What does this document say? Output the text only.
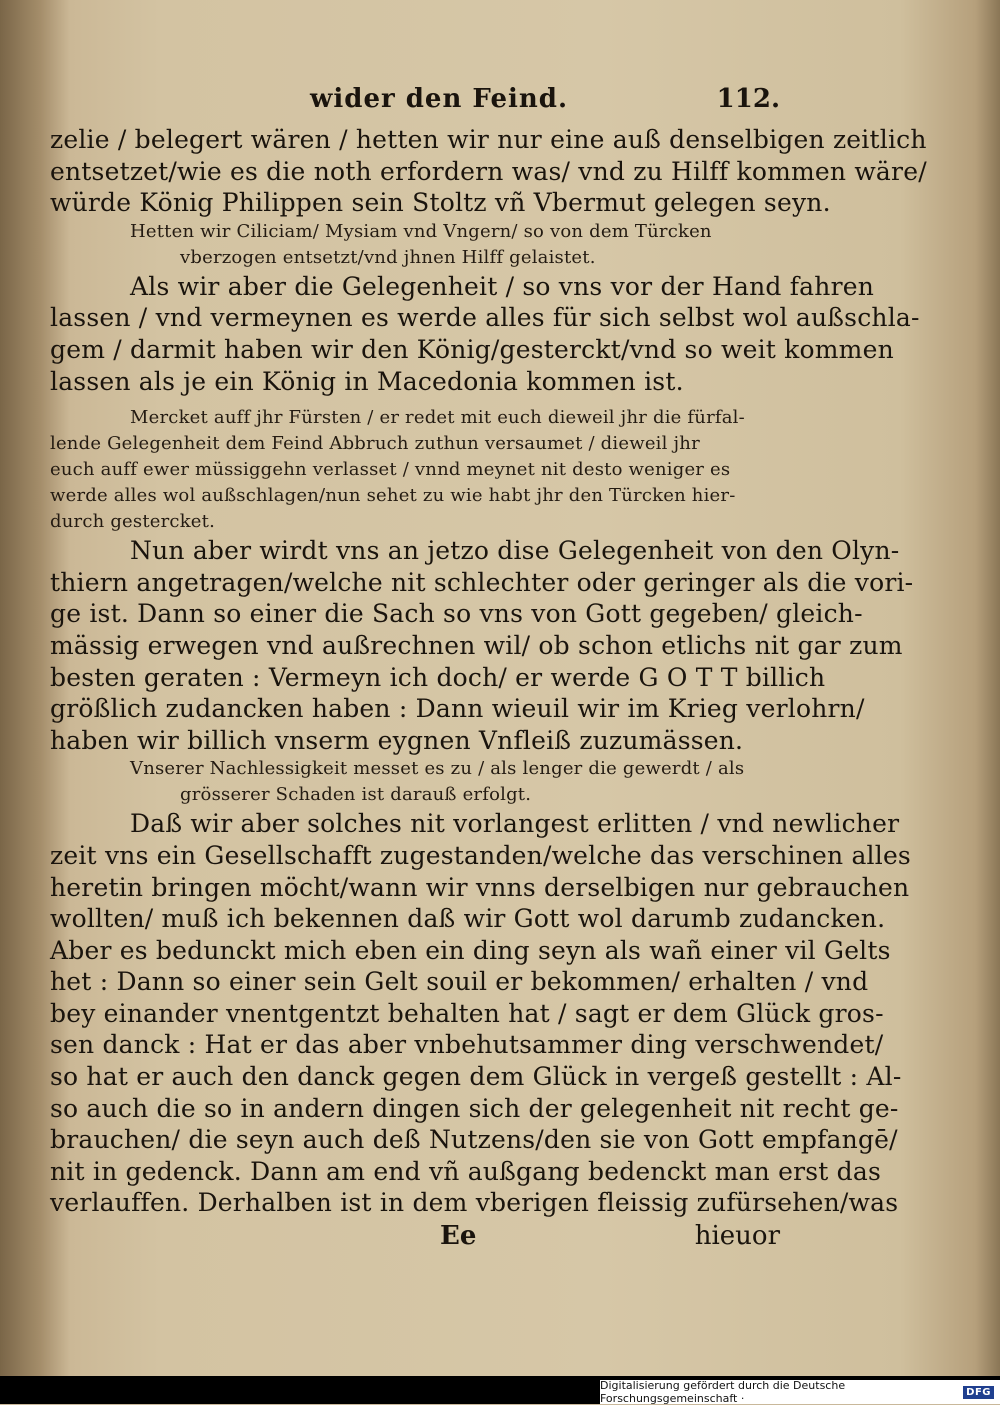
wider den Feind.	112.
zelie / belegert wären / hetten wir nur eine auß denselbigen zeitlich
entsetzet/wie es die noth erfordern was/ vnd zu Hilff kommen wäre/
würde König Philippen sein Stoltz vñ Vbermut gelegen seyn.
Hetten wir Ciliciam/ Mysiam vnd Vngern/ so von dem Türcken
vberzogen entsetzt/vnd jhnen Hilff gelaistet.
Als wir aber die Gelegenheit / so vns vor der Hand fahren
lassen / vnd vermeynen es werde alles für sich selbst wol außschla-
gem / darmit haben wir den König/gesterckt/vnd so weit kommen
lassen als je ein König in Macedonia kommen ist.
Mercket auff jhr Fürsten / er redet mit euch dieweil jhr die fürfal-
lende Gelegenheit dem Feind Abbruch zuthun versaumet / dieweil jhr
euch auff ewer müssiggehn verlasset / vnnd meynet nit desto weniger es
werde alles wol außschlagen/nun sehet zu wie habt jhr den Türcken hier-
durch gestercket.
Nun aber wirdt vns an jetzo dise Gelegenheit von den Olyn-
thiern angetragen/welche nit schlechter oder geringer als die vori-
ge ist. Dann so einer die Sach so vns von Gott gegeben/ gleich-
mässig erwegen vnd außrechnen wil/ ob schon etlichs nit gar zum
besten geraten : Vermeyn ich doch/ er werde G O T T billich
größlich zudancken haben : Dann wieuil wir im Krieg verlohrn/
haben wir billich vnserm eygnen Vnfleiß zuzumässen.
Vnserer Nachlessigkeit messet es zu / als lenger die gewerdt / als
grösserer Schaden ist darauß erfolgt.
Daß wir aber solches nit vorlangest erlitten / vnd newlicher
zeit vns ein Gesellschafft zugestanden/welche das verschinen alles
heretin bringen möcht/wann wir vnns derselbigen nur gebrauchen
wollten/ muß ich bekennen daß wir Gott wol darumb zudancken.
Aber es bedunckt mich eben ein ding seyn als wañ einer vil Gelts
het : Dann so einer sein Gelt souil er bekommen/ erhalten / vnd
bey einander vnentgentzt behalten hat / sagt er dem Glück gros-
sen danck : Hat er das aber vnbehutsammer ding verschwendet/
so hat er auch den danck gegen dem Glück in vergeß gestellt : Al-
so auch die so in andern dingen sich der gelegenheit nit recht ge-
brauchen/ die seyn auch deß Nutzens/den sie von Gott empfangē/
nit in gedenck. Dann am end vñ außgang bedenckt man erst das
verlauffen. Derhalben ist in dem vberigen fleissig zufürsehen/was
Ee	hieuor
Digitalisierung gefördert durch die Deutsche Forschungsgemeinschaft ·	DFG
